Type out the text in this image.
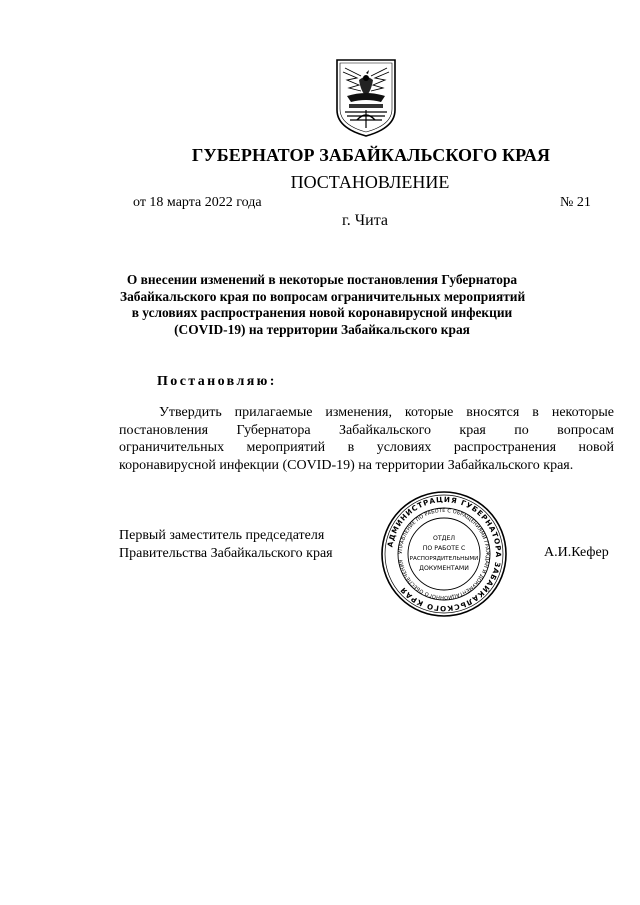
ГУБЕРНАТОР ЗАБАЙКАЛЬСКОГО КРАЯ
ПОСТАНОВЛЕНИЕ
от 18 марта 2022 года	№ 21
г. Чита
О внесении изменений в некоторые постановления Губернатора
Забайкальского края по вопросам ограничительных мероприятий
в условиях распространения новой коронавирусной инфекции
(COVID-19) на территории Забайкальского края
Постановляю:
Утвердить прилагаемые изменения, которые вносятся в некоторые
постановления Губернатора Забайкальского края по вопросам
ограничительных мероприятий в условиях распространения новой
коронавирусной инфекции (COVID-19) на территории Забайкальского края.
Первый заместитель председателя
Правительства Забайкальского края	А.И.Кефер
АДМИНИСТРАЦИЯ ГУБЕРНАТОРА ЗАБАЙКАЛЬСКОГО КРАЯ
УПРАВЛЕНИЕ ПО РАБОТЕ С ОБРАЩЕНИЯМИ ГРАЖДАН И ДОКУМЕНТАЦИОННОГО ОБЕСПЕЧЕНИЯ
ОТДЕЛ
ПО РАБОТЕ С
РАСПОРЯДИТЕЛЬНЫМИ
ДОКУМЕНТАМИ
